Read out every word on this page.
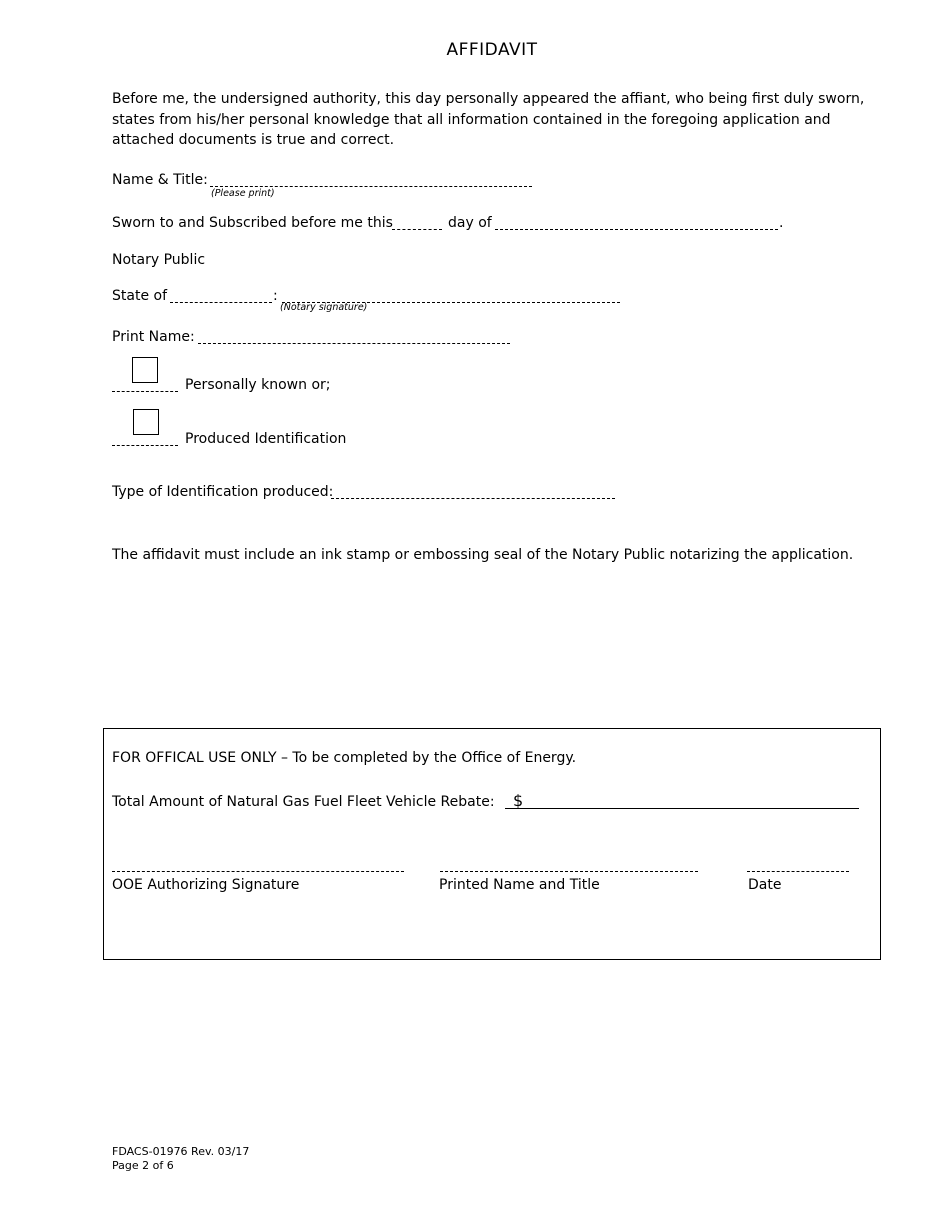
AFFIDAVIT
Before me, the undersigned authority, this day personally appeared the affiant, who being first duly sworn, states from his/her personal knowledge that all information contained in the foregoing application and attached documents is true and correct.
Name & Title:
(Please print)
Sworn to and Subscribed before me this	day of	.
Notary Public
State of	:
(Notary signature)
Print Name:
Personally known or;
Produced Identification
Type of Identification produced:
The affidavit must include an ink stamp or embossing seal of the Notary Public notarizing the application.
FOR OFFICAL USE ONLY – To be completed by the Office of Energy.
Total Amount of Natural Gas Fuel Fleet Vehicle Rebate: $
OOE Authorizing Signature	Printed Name and Title	Date
FDACS-01976 Rev. 03/17
Page 2 of 6
